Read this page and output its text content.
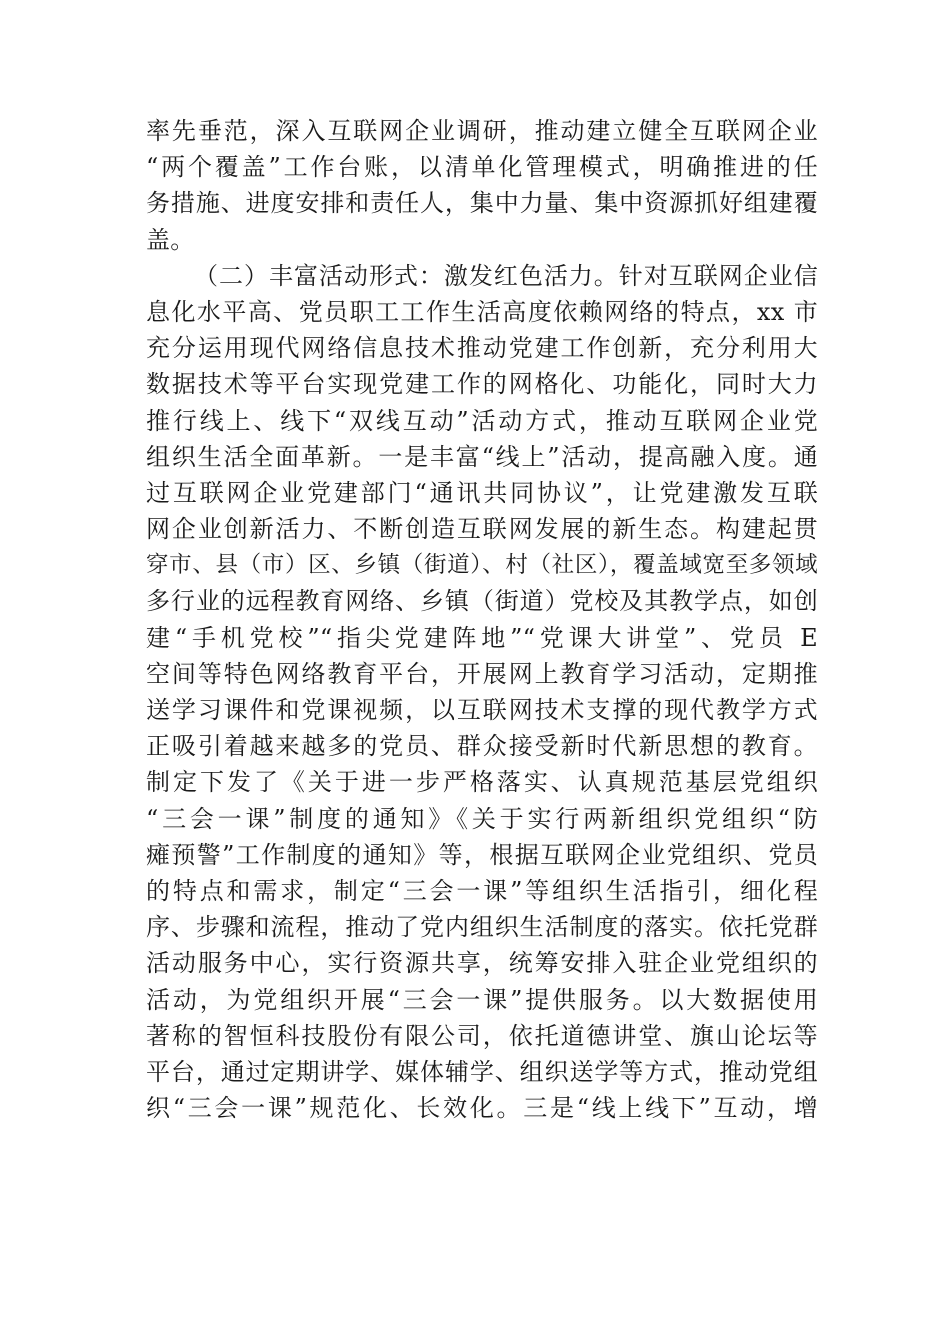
率先垂范，深入互联网企业调研，推动建立健全互联网企业
“两个覆盖”工作台账，以清单化管理模式，明确推进的任
务措施、进度安排和责任人，集中力量、集中资源抓好组建覆
盖。
（二）丰富活动形式：激发红色活力。针对互联网企业信
息化水平高、党员职工工作生活高度依赖网络的特点，xx 市
充分运用现代网络信息技术推动党建工作创新，充分利用大
数据技术等平台实现党建工作的网格化、功能化，同时大力
推行线上、线下“双线互动”活动方式，推动互联网企业党
组织生活全面革新。一是丰富“线上”活动，提高融入度。通
过互联网企业党建部门“通讯共同协议”，让党建激发互联
网企业创新活力、不断创造互联网发展的新生态。构建起贯
穿市、县（市）区、乡镇（街道）、村（社区），覆盖域宽至多领域
多行业的远程教育网络、乡镇（街道）党校及其教学点，如创
建“手机党校”“指尖党建阵地”“党课大讲堂”、党员 E
空间等特色网络教育平台，开展网上教育学习活动，定期推
送学习课件和党课视频，以互联网技术支撑的现代教学方式
正吸引着越来越多的党员、群众接受新时代新思想的教育。
制定下发了《关于进一步严格落实、认真规范基层党组织
“三会一课”制度的通知》《关于实行两新组织党组织“防
瘫预警”工作制度的通知》等，根据互联网企业党组织、党员
的特点和需求，制定“三会一课”等组织生活指引，细化程
序、步骤和流程，推动了党内组织生活制度的落实。依托党群
活动服务中心，实行资源共享，统筹安排入驻企业党组织的
活动，为党组织开展“三会一课”提供服务。以大数据使用
著称的智恒科技股份有限公司，依托道德讲堂、旗山论坛等
平台，通过定期讲学、媒体辅学、组织送学等方式，推动党组
织“三会一课”规范化、长效化。三是“线上线下”互动，增
